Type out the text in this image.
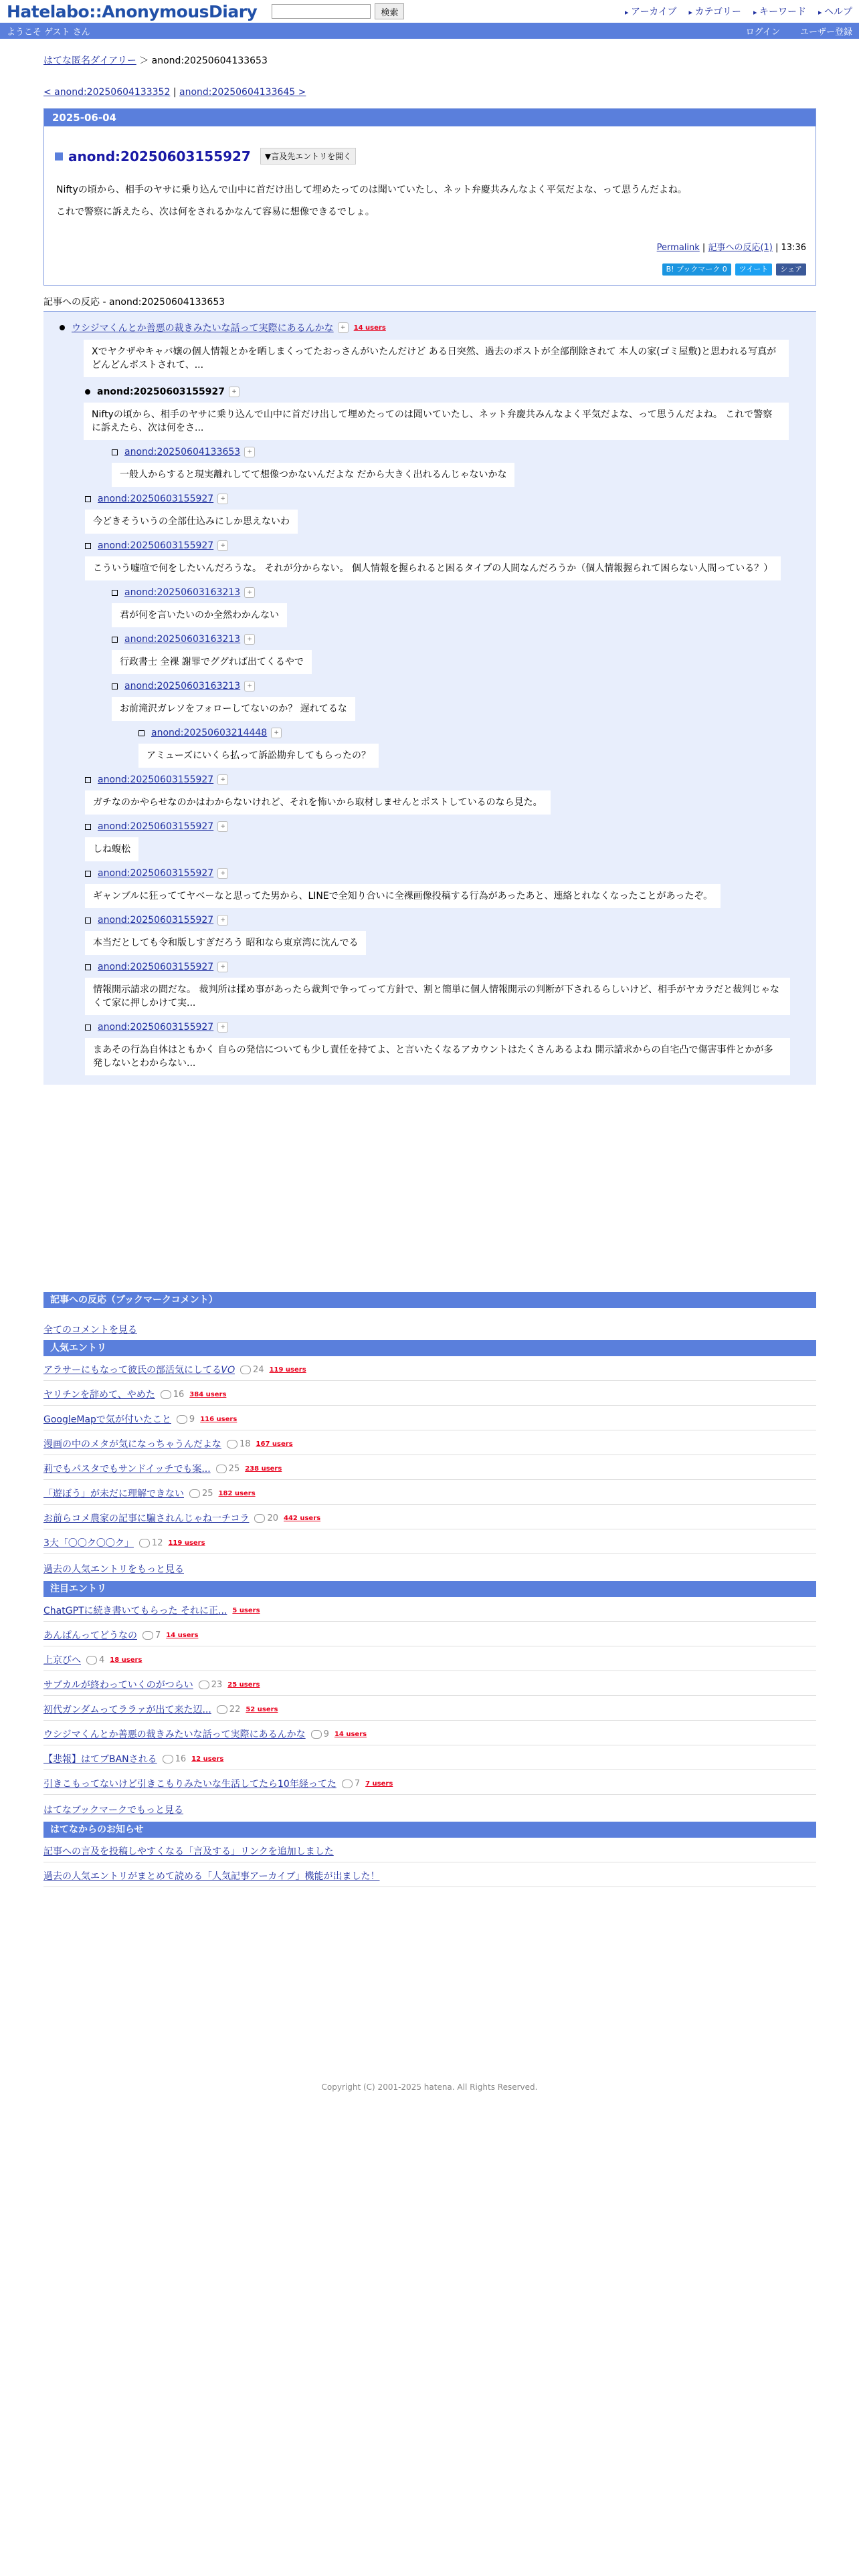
Hatelabo::AnonymousDiary	検索	▸ アーカイブ	▸ カテゴリー	▸ キーワード	▸ ヘルプ
ようこそ ゲスト さん	ログイン ユーザー登録
はてな匿名ダイアリー ＞ anond:20250604133653
< anond:20250604133352 | anond:20250604133645 >
2025-06-04
anond:20250603155927	▼言及先エントリを開く

Niftyの頃から、相手のヤサに乗り込んで山中に首だけ出して埋めたってのは聞いていたし、ネット弁慶共みんなよく平気だよな、って思うんだよね。

これで警察に訴えたら、次は何をされるかなんて容易に想像できるでしょ。

Permalink | 記事への反応(1) | 13:36
B! ブックマーク 0	ツイート	シェア
記事への反応 - anond:20250604133653
ウシジマくんとか善悪の裁きみたいな話って実際にあるんかな	+	14 users
Xでヤクザやキャバ嬢の個人情報とかを晒しまくってたおっさんがいたんだけど ある日突然、過去のポストが全部削除されて 本人の家(ゴミ屋敷)と思われる写真がどんどんポストされて、...
anond:20250603155927	+
Niftyの頃から、相手のヤサに乗り込んで山中に首だけ出して埋めたってのは聞いていたし、ネット弁慶共みんなよく平気だよな、って思うんだよね。 これで警察に訴えたら、次は何をさ...
anond:20250604133653	+
一般人からすると現実離れしてて想像つかないんだよな だから大きく出れるんじゃないかな
anond:20250603155927	+
今どきそういうの全部仕込みにしか思えないわ
anond:20250603155927	+
こういう嘘喧で何をしたいんだろうな。 それが分からない。 個人情報を握られると困るタイプの人間なんだろうか（個人情報握られて困らない人間っている？）
anond:20250603163213	+
君が何を言いたいのか全然わかんない
anond:20250603163213	+
行政書士 全裸 謝罪でググれば出てくるやで
anond:20250603163213	+
お前滝沢ガレソをフォローしてないのか？ 遅れてるな
anond:20250603214448	+
アミューズにいくら払って訴訟勘弁してもらったの？
anond:20250603155927	+
ガチなのかやらせなのかはわからないけれど、それを怖いから取材しませんとポストしているのなら見た。
anond:20250603155927	+
しね蝮松
anond:20250603155927	+
ギャンブルに狂っててヤベーなと思ってた男から、LINEで全知り合いに全裸画像投稿する行為があったあと、連絡とれなくなったことがあったぞ。
anond:20250603155927	+
本当だとしても令和版しすぎだろう 昭和なら東京湾に沈んでる
anond:20250603155927	+
情報開示請求の間だな。 裁判所は揉め事があったら裁判で争ってって方針で、割と簡単に個人情報開示の判断が下されるらしいけど、相手がヤカラだと裁判じゃなくて家に押しかけて実...
anond:20250603155927	+
まあその行為自体はともかく 自らの発信についても少し責任を持てよ、と言いたくなるアカウントはたくさんあるよね 開示請求からの自宅凸で傷害事件とかが多発しないとわからない...
記事への反応（ブックマークコメント）
全てのコメントを見る
人気エントリ
アラサーにもなって彼氏の部活気にしてる𝑉𝑂 24 119 users
ヤリチンを辞めて、やめた 16 384 users
GoogleMapで気が付いたこと 9 116 users
漫画の中のメタが気になっちゃうんだよな 18 167 users
莉でもパスタでもサンドイッチでも案... 25 238 users
「遊ぼう」が未だに理解できない 25 182 users
お前らコメ農家の記事に騙されんじゃね一チコラ 20 442 users
3大「〇〇ク〇〇ク」 12 119 users
過去の人気エントリをもっと見る
注目エントリ
ChatGPTに続き書いてもらった それに正... 5 users
あんぱんってどうなの 7 14 users
上京びへ 4 18 users
サブカルが終わっていくのがつらい 23 25 users
初代ガンダムってララァが出て来た辺... 22 52 users
ウシジマくんとか善悪の裁きみたいな話って実際にあるんかな 9 14 users
【悲報】はてブBANされる 16 12 users
引きこもってないけど引きこもりみたいな生活してたら10年経ってた 7 7 users
はてなブックマークでもっと見る
はてなからのお知らせ
記事への言及を投稿しやすくなる「言及する」リンクを追加しました
過去の人気エントリがまとめて読める「人気記事アーカイブ」機能が出ました！
Copyright (C) 2001-2025 hatena. All Rights Reserved.
